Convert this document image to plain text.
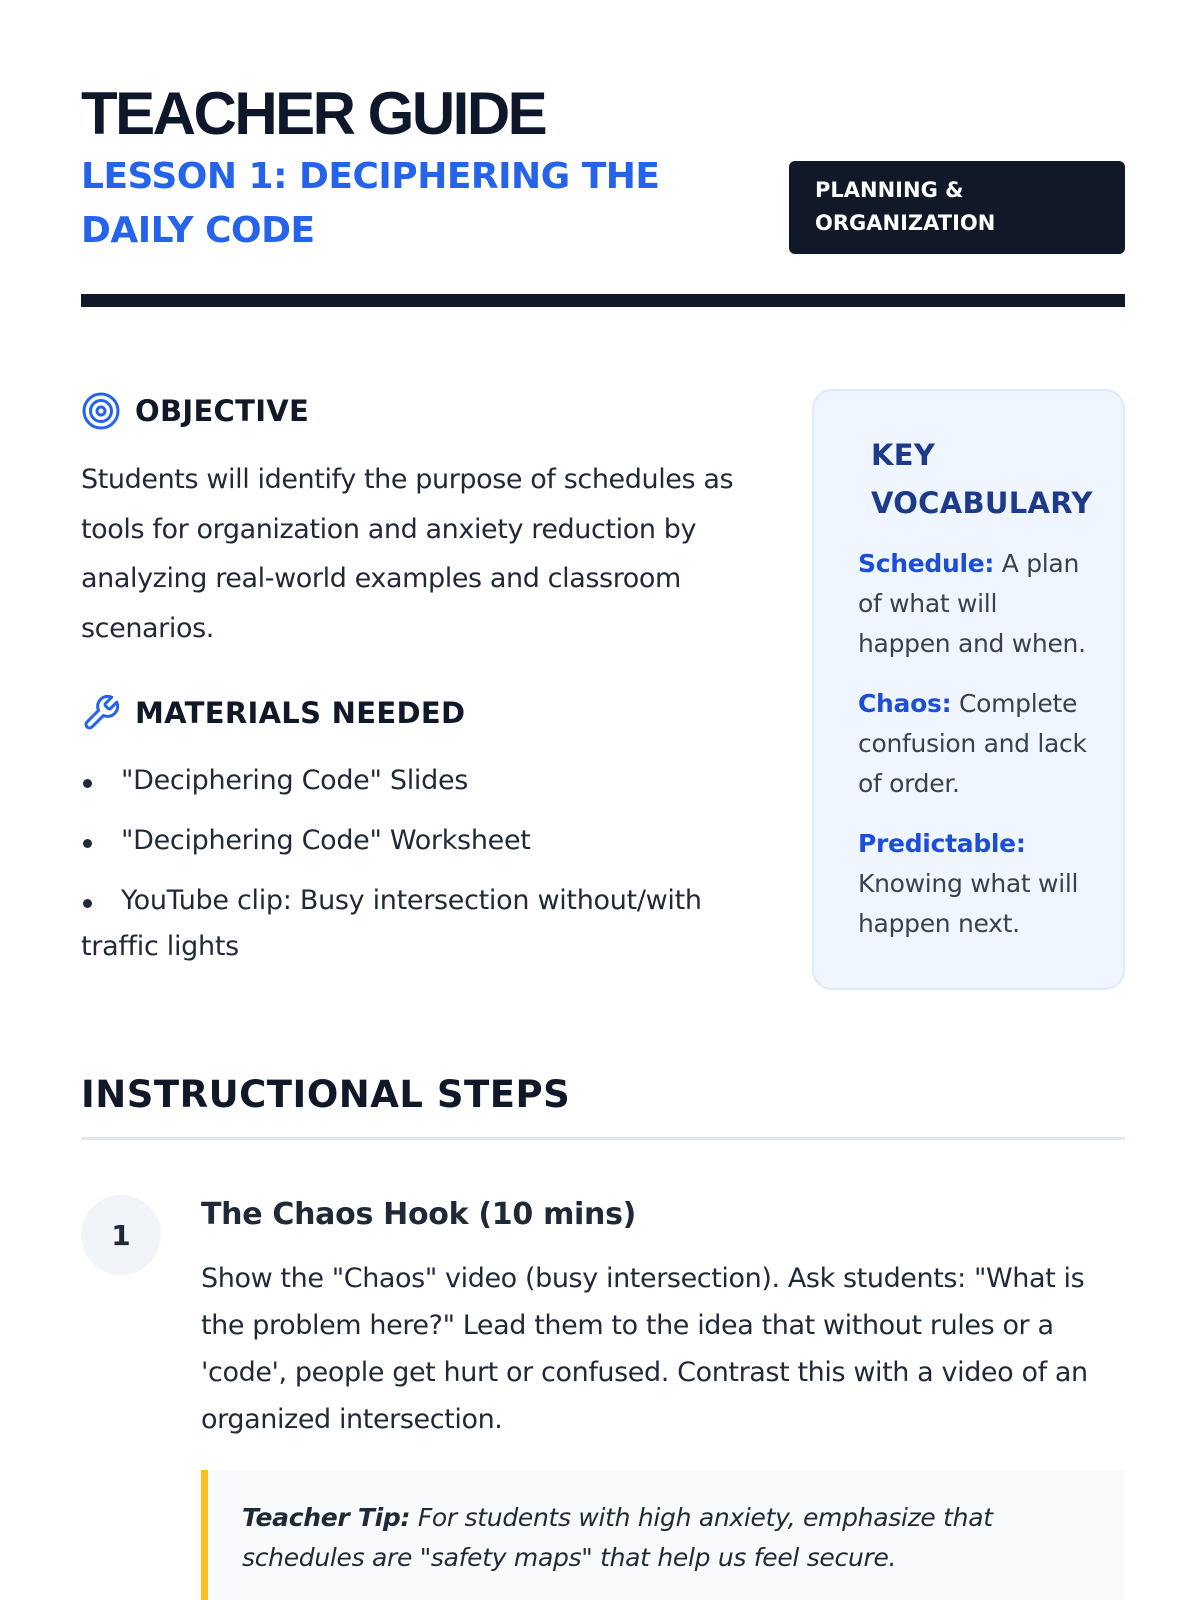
TEACHER GUIDE
LESSON 1: DECIPHERING THE DAILY CODE
PLANNING & ORGANIZATION
OBJECTIVE

Students will identify the purpose of schedules as tools for organization and anxiety reduction by analyzing real-world examples and classroom scenarios.

MATERIALS NEEDED
"Deciphering Code" Slides
"Deciphering Code" Worksheet
YouTube clip: Busy intersection without/with traffic lights
KEY VOCABULARY

Schedule: A plan of what will happen and when.

Chaos: Complete confusion and lack of order.

Predictable: Knowing what will happen next.

INSTRUCTIONAL STEPS
1
The Chaos Hook (10 mins)

Show the "Chaos" video (busy intersection). Ask students: "What is the problem here?" Lead them to the idea that without rules or a 'code', people get hurt or confused. Contrast this with a video of an organized intersection.

Teacher Tip: For students with high anxiety, emphasize that schedules are "safety maps" that help us feel secure.
